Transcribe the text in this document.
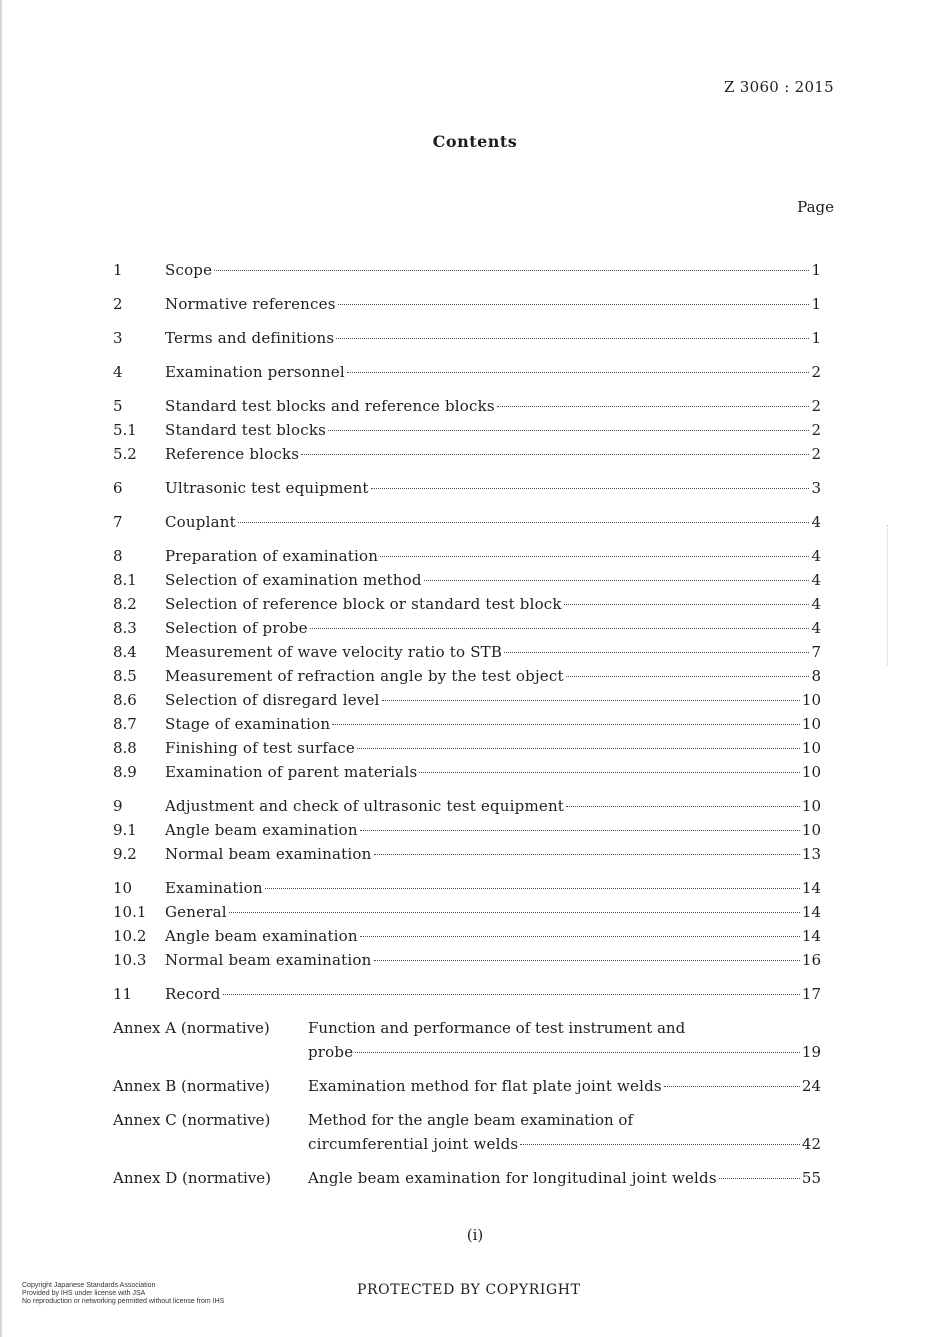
Z 3060 : 2015
Contents
Page
1	Scope	1
2	Normative references	1
3	Terms and definitions	1
4	Examination personnel	2
5	Standard test blocks and reference blocks	2
5.1	Standard test blocks	2
5.2	Reference blocks	2
6	Ultrasonic test equipment	3
7	Couplant	4
8	Preparation of examination	4
8.1	Selection of examination method	4
8.2	Selection of reference block or standard test block	4
8.3	Selection of probe	4
8.4	Measurement of wave velocity ratio to STB	7
8.5	Measurement of refraction angle by the test object	8
8.6	Selection of disregard level	10
8.7	Stage of examination	10
8.8	Finishing of test surface	10
8.9	Examination of parent materials	10
9	Adjustment and check of ultrasonic test equipment	10
9.1	Angle beam examination	10
9.2	Normal beam examination	13
10	Examination	14
10.1	General	14
10.2	Angle beam examination	14
10.3	Normal beam examination	16
11	Record	17
Annex A (normative)	Function and performance of test instrument and
probe	19
Annex B (normative)	Examination method for flat plate joint welds	24
Annex C (normative)	Method for the angle beam examination of
circumferential joint welds	42
Annex D (normative)	Angle beam examination for longitudinal joint welds	55
(i)
Copyright Japanese Standards Association
Provided by IHS under license with JSA
No reproduction or networking permitted without license from IHS
PROTECTED BY COPYRIGHT
